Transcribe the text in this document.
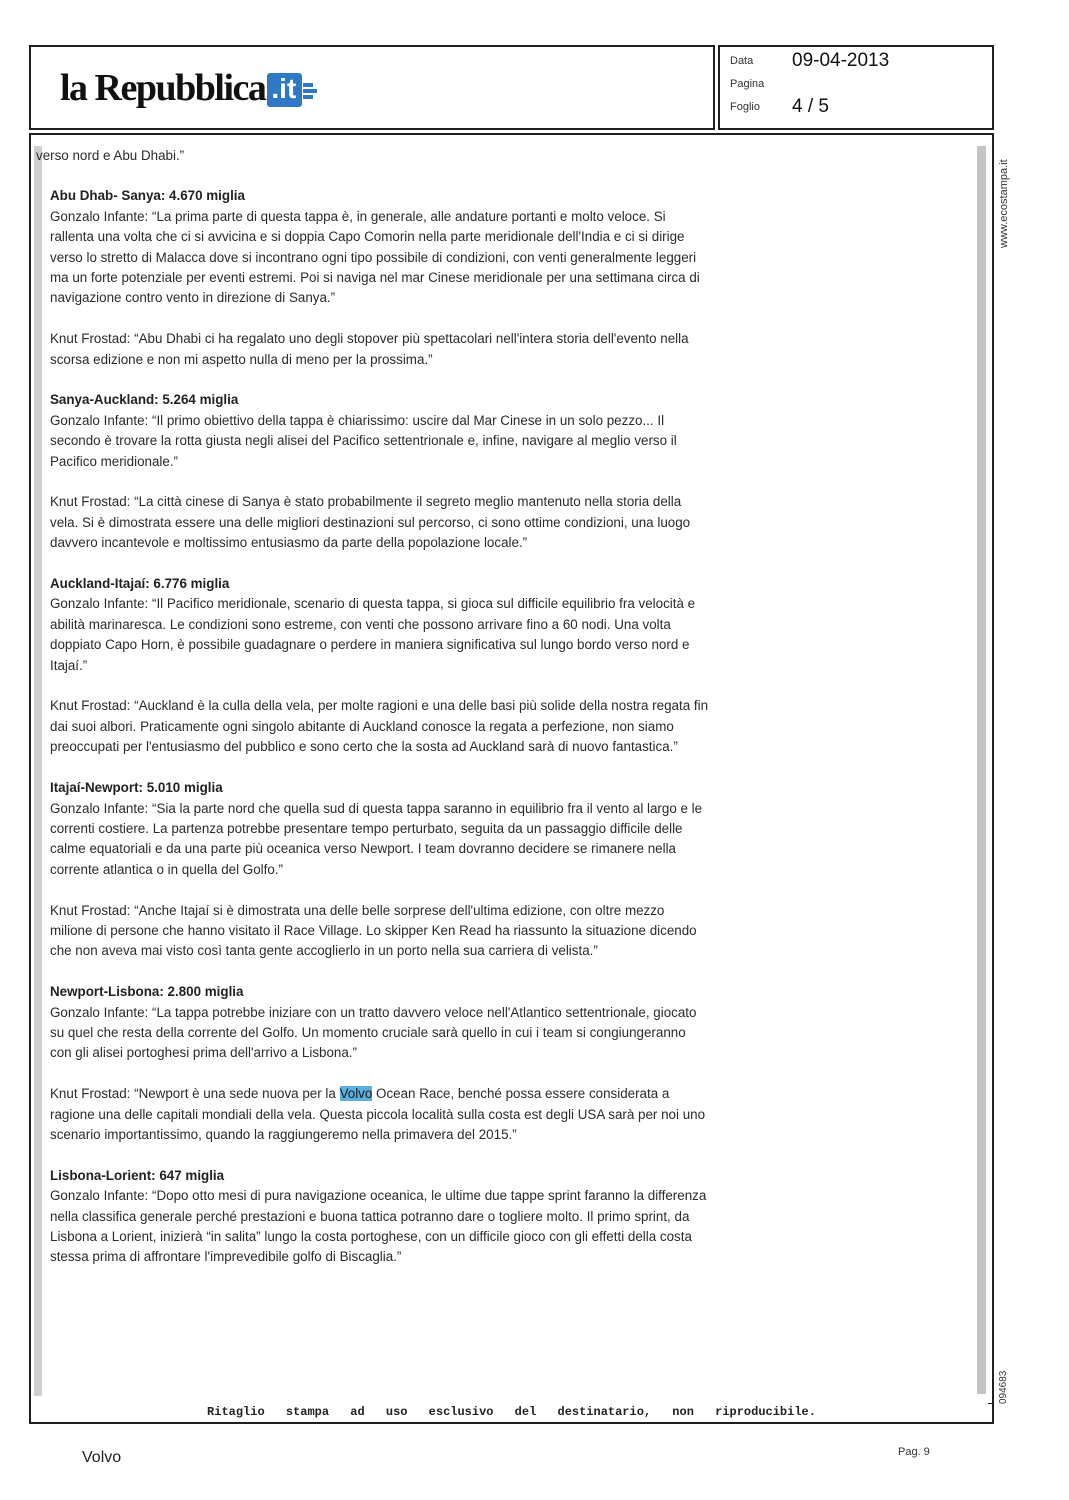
la Repubblica .it
Data 09-04-2013
Pagina
Foglio 4 / 5

verso nord e Abu Dhabi.”

Abu Dhab- Sanya: 4.670 miglia

Gonzalo Infante: “La prima parte di questa tappa è, in generale, alle andature portanti e molto veloce. Si rallenta una volta che ci si avvicina e si doppia Capo Comorin nella parte meridionale dell'India e ci si dirige verso lo stretto di Malacca dove si incontrano ogni tipo possibile di condizioni, con venti generalmente leggeri ma un forte potenziale per eventi estremi. Poi si naviga nel mar Cinese meridionale per una settimana circa di navigazione contro vento in direzione di Sanya.”

Knut Frostad: “Abu Dhabi ci ha regalato uno degli stopover più spettacolari nell'intera storia dell'evento nella scorsa edizione e non mi aspetto nulla di meno per la prossima.”

Sanya-Auckland: 5.264 miglia

Gonzalo Infante: “Il primo obiettivo della tappa è chiarissimo: uscire dal Mar Cinese in un solo pezzo... Il secondo è trovare la rotta giusta negli alisei del Pacifico settentrionale e, infine, navigare al meglio verso il Pacifico meridionale.”

Knut Frostad: “La città cinese di Sanya è stato probabilmente il segreto meglio mantenuto nella storia della vela. Si è dimostrata essere una delle migliori destinazioni sul percorso, ci sono ottime condizioni, una luogo davvero incantevole e moltissimo entusiasmo da parte della popolazione locale.”

Auckland-Itajaí: 6.776 miglia

Gonzalo Infante: “Il Pacifico meridionale, scenario di questa tappa, si gioca sul difficile equilibrio fra velocità e abilità marinaresca. Le condizioni sono estreme, con venti che possono arrivare fino a 60 nodi. Una volta doppiato Capo Horn, è possibile guadagnare o perdere in maniera significativa sul lungo bordo verso nord e Itajaí.”

Knut Frostad: “Auckland è la culla della vela, per molte ragioni e una delle basi più solide della nostra regata fin dai suoi albori. Praticamente ogni singolo abitante di Auckland conosce la regata a perfezione, non siamo preoccupati per l'entusiasmo del pubblico e sono certo che la sosta ad Auckland sarà di nuovo fantastica.”

Itajaí-Newport: 5.010 miglia

Gonzalo Infante: “Sia la parte nord che quella sud di questa tappa saranno in equilibrio fra il vento al largo e le correnti costiere. La partenza potrebbe presentare tempo perturbato, seguita da un passaggio difficile delle calme equatoriali e da una parte più oceanica verso Newport. I team dovranno decidere se rimanere nella corrente atlantica o in quella del Golfo.”

Knut Frostad: “Anche Itajaí si è dimostrata una delle belle sorprese dell'ultima edizione, con oltre mezzo milione di persone che hanno visitato il Race Village. Lo skipper Ken Read ha riassunto la situazione dicendo che non aveva mai visto così tanta gente accoglierlo in un porto nella sua carriera di velista.”

Newport-Lisbona: 2.800 miglia

Gonzalo Infante: “La tappa potrebbe iniziare con un tratto davvero veloce nell'Atlantico settentrionale, giocato su quel che resta della corrente del Golfo. Un momento cruciale sarà quello in cui i team si congiungeranno con gli alisei portoghesi prima dell'arrivo a Lisbona.”

Knut Frostad: “Newport è una sede nuova per la Volvo Ocean Race, benché possa essere considerata a ragione una delle capitali mondiali della vela. Questa piccola località sulla costa est degli USA sarà per noi uno scenario importantissimo, quando la raggiungeremo nella primavera del 2015.”

Lisbona-Lorient: 647 miglia

Gonzalo Infante: “Dopo otto mesi di pura navigazione oceanica, le ultime due tappe sprint faranno la differenza nella classifica generale perché prestazioni e buona tattica potranno dare o togliere molto. Il primo sprint, da Lisbona a Lorient, inizierà “in salita” lungo la costa portoghese, con un difficile gioco con gli effetti della costa stessa prima di affrontare l'imprevedibile golfo di Biscaglia.”

www.ecostampa.it
094683
Ritaglio stampa ad uso esclusivo del destinatario, non riproducibile.
Volvo	Pag. 9
